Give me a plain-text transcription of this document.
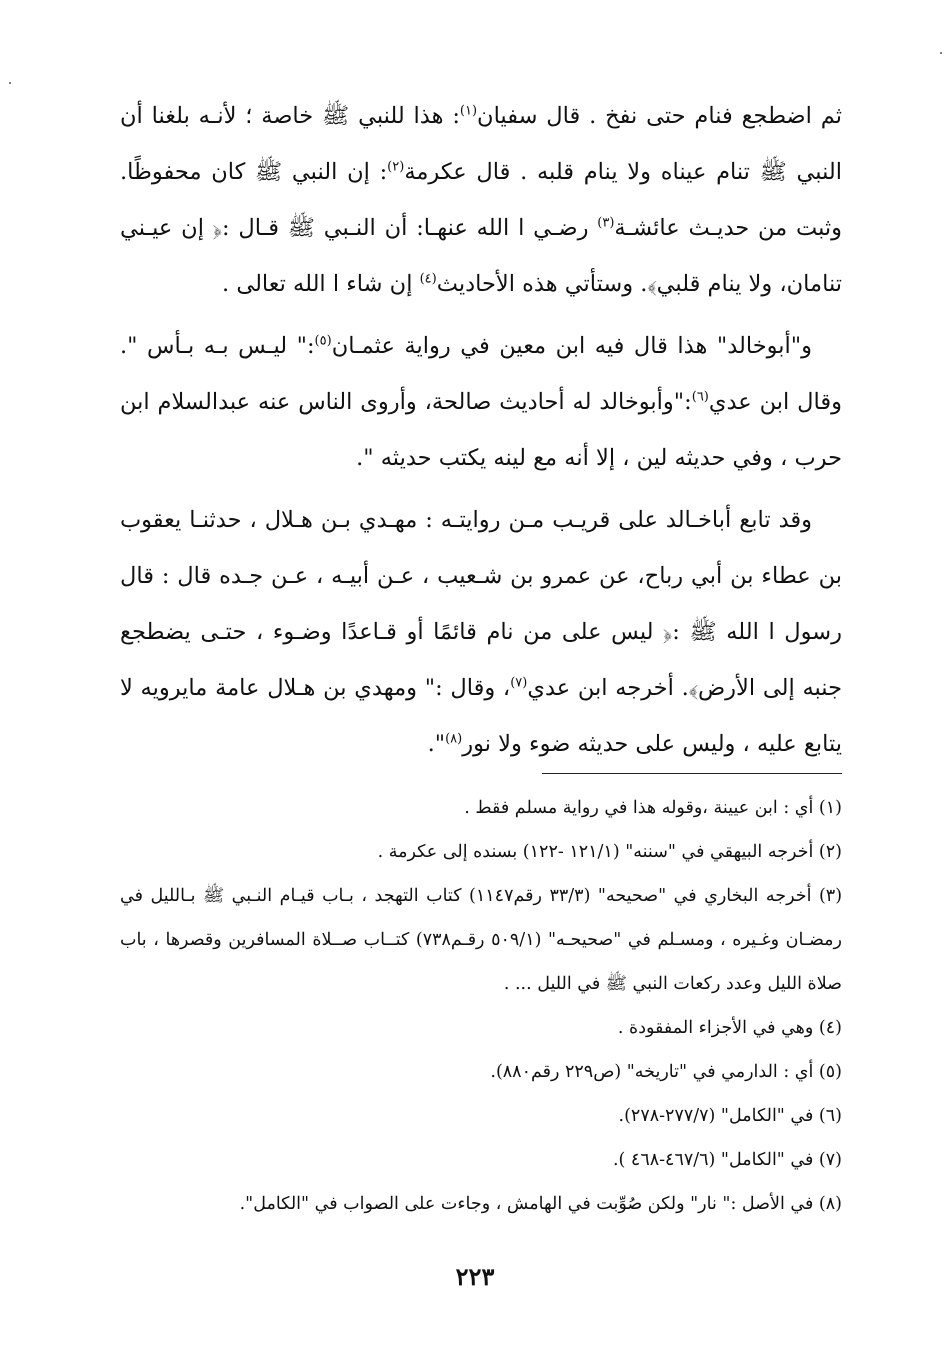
ثم اضطجع فنام حتى نفخ . قال سفيان$^{(١)}$: هذا للنبي ﷺ خاصة ؛ لأنـه بلغنا أن النبي ﷺ تنام عيناه ولا ينام قلبه . قال عكرمة$^{(٢)}$: إن النبي ﷺ كان محفوظًا. وثبت من حديـث عائشـة$^{(٣)}$ رضـي ا الله عنهـا: أن النـبي ﷺ قـال :﴿ إن عيـني تنامان، ولا ينام قلبي﴾. وستأتي هذه الأحاديث$^{(٤)}$ إن شاء ا الله تعالى .

و"أبوخالد" هذا قال فيه ابن معين في رواية عثمـان$^{(٥)}$:" ليـس بـه بـأس ". وقال ابن عدي$^{(٦)}$:"وأبوخالد له أحاديث صالحة، وأروى الناس عنه عبدالسلام ابن حرب ، وفي حديثه لين ، إلا أنه مع لينه يكتب حديثه ".

وقد تابع أباخـالد على قريـب مـن روايتـه : مهـدي بـن هـلال ، حدثنـا يعقوب بن عطاء بن أبي رباح، عن عمرو بن شـعيب ، عـن أبيـه ، عـن جـده قال : قال رسول ا الله ﷺ :﴿ ليس على من نام قائمًا أو قـاعدًا وضـوء ، حتـى يضطجع جنبه إلى الأرض﴾. أخرجه ابن عدي$^{(٧)}$، وقال :" ومهدي بن هـلال عامة مايرويه لا يتابع عليه ، وليس على حديثه ضوء ولا نور$^{(٨)}$".

(١) أي : ابن عيينة ،وقوله هذا في رواية مسلم فقط .

(٢) أخرجه البيهقي في "سننه" (١٢١/١ -١٢٢) بسنده إلى عكرمة .

(٣) أخرجه البخاري في "صحيحه" (٣٣/٣ رقم١١٤٧) كتاب التهجد ، بـاب قيـام النـبي ﷺ بـالليل في رمضـان وغـيره ، ومسـلم في "صحيحـه" (٥٠٩/١ رقـم٧٣٨) كتــاب صــلاة المسافرين وقصرها ، باب صلاة الليل وعدد ركعات النبي ﷺ في الليل ... .

(٤) وهي في الأجزاء المفقودة .

(٥) أي : الدارمي في "تاريخه" (ص٢٢٩ رقم٨٨٠).

(٦) في "الكامل" (٢٧٧/٧-٢٧٨).

(٧) في "الكامل" (٤٦٧/٦-٤٦٨ ).

(٨) في الأصل :" نار" ولكن صُوِّبت في الهامش ، وجاءت على الصواب في "الكامل".

٢٢٣
